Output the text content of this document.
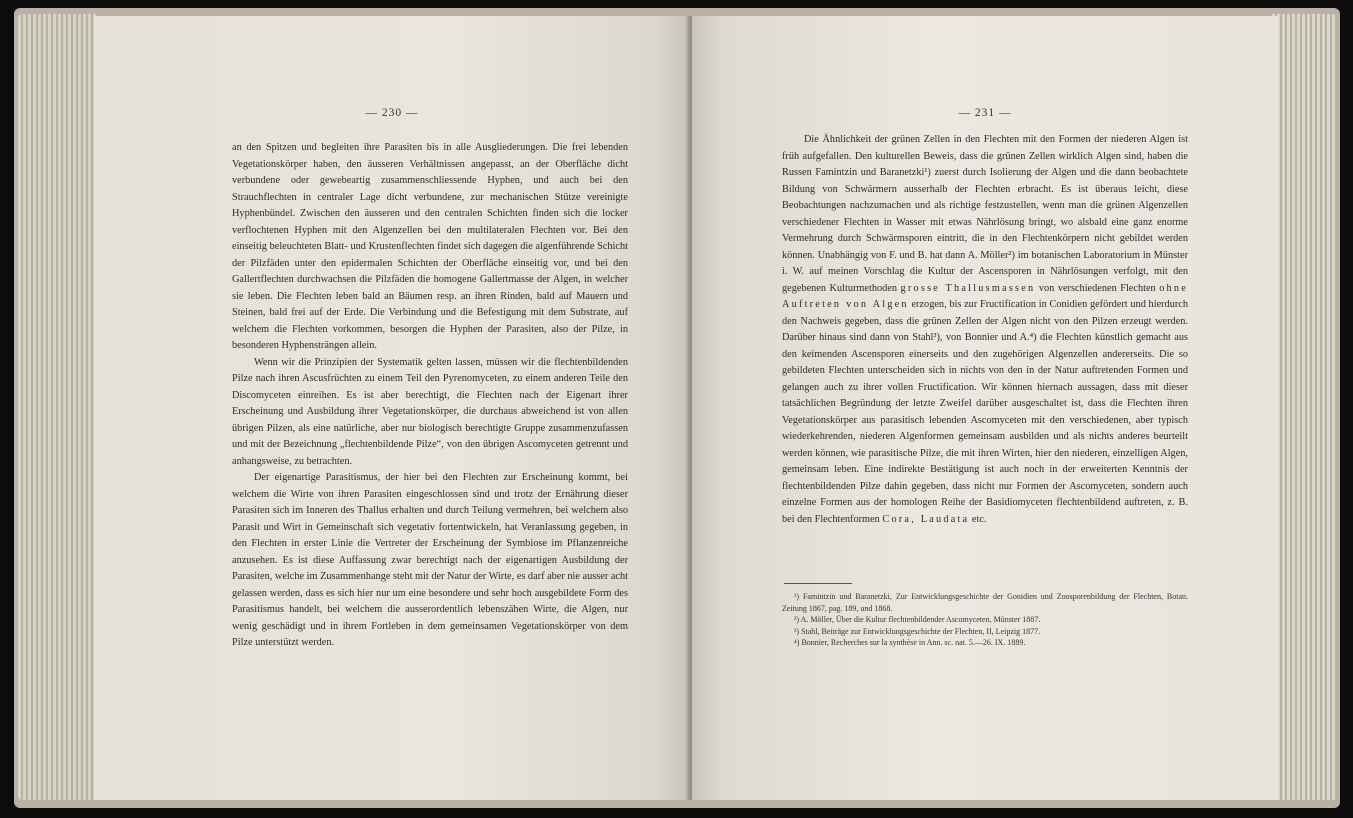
— 230 —

an den Spitzen und begleiten ihre Parasiten bis in alle Ausgliederungen. Die frei lebenden Vegetationskörper haben, den äusseren Verhältnissen angepasst, an der Oberfläche dicht verbundene oder gewebeartig zusammenschliessende Hyphen, und auch bei den Strauchflechten in centraler Lage dicht verbundene, zur mechanischen Stütze vereinigte Hyphenbündel. Zwischen den äusseren und den centralen Schichten finden sich die locker verflochtenen Hyphen mit den Algenzellen bei den multilateralen Flechten vor. Bei den einseitig beleuchteten Blatt- und Krustenflechten findet sich dagegen die algenführende Schicht der Pilzfäden unter den epidermalen Schichten der Oberfläche einseitig vor, und bei den Gallertflechten durchwachsen die Pilzfäden die homogene Gallertmasse der Algen, in welcher sie leben. Die Flechten leben bald an Bäumen resp. an ihren Rinden, bald auf Mauern und Steinen, bald frei auf der Erde. Die Verbindung und die Befestigung mit dem Substrate, auf welchem die Flechten vorkommen, besorgen die Hyphen der Parasiten, also der Pilze, in besonderen Hyphensträngen allein.

Wenn wir die Prinzipien der Systematik gelten lassen, müssen wir die flechtenbildenden Pilze nach ihren Ascusfrüchten zu einem Teil den Pyrenomyceten, zu einem anderen Teile den Discomyceten einreihen. Es ist aber berechtigt, die Flechten nach der Eigenart ihrer Erscheinung und Ausbildung ihrer Vegetationskörper, die durchaus abweichend ist von allen übrigen Pilzen, als eine natürliche, aber nur biologisch berechtigte Gruppe zusammenzufassen und mit der Bezeichnung „flechtenbildende Pilze“, von den übrigen Ascomyceten getrennt und anhangsweise, zu betrachten.

Der eigenartige Parasitismus, der hier bei den Flechten zur Erscheinung kommt, bei welchem die Wirte von ihren Parasiten eingeschlossen sind und trotz der Ernährung dieser Parasiten sich im Inneren des Thallus erhalten und durch Teilung vermehren, bei welchem also Parasit und Wirt in Gemeinschaft sich vegetativ fortentwickeln, hat Veranlassung gegeben, in den Flechten in erster Linie die Vertreter der Erscheinung der Symbiose im Pflanzenreiche anzusehen. Es ist diese Auffassung zwar berechtigt nach der eigenartigen Ausbildung der Parasiten, welche im Zusammenhange steht mit der Natur der Wirte, es darf aber nie ausser acht gelassen werden, dass es sich hier nur um eine besondere und sehr hoch ausgebildete Form des Parasitismus handelt, bei welchem die ausserordentlich lebenszähen Wirte, die Algen, nur wenig geschädigt und in ihrem Fortleben in dem gemeinsamen Vegetationskörper von dem Pilze unterstützt werden.

— 231 —

Die Ähnlichkeit der grünen Zellen in den Flechten mit den Formen der niederen Algen ist früh aufgefallen. Den kulturellen Beweis, dass die grünen Zellen wirklich Algen sind, haben die Russen Famintzin und Baranetzki¹) zuerst durch Isolierung der Algen und die dann beobachtete Bildung von Schwärmern ausserhalb der Flechten erbracht. Es ist überaus leicht, diese Beobachtungen nachzumachen und als richtige festzustellen, wenn man die grünen Algenzellen verschiedener Flechten in Wasser mit etwas Nährlösung bringt, wo alsbald eine ganz enorme Vermehrung durch Schwärmsporen eintritt, die in den Flechtenkörpern nicht gebildet werden können. Unabhängig von F. und B. hat dann A. Möller²) im botanischen Laboratorium in Münster i. W. auf meinen Vorschlag die Kultur der Ascensporen in Nährlösungen verfolgt, mit den gegebenen Kulturmethoden grosse Thallusmassen von verschiedenen Flechten ohne Auftreten von Algen erzogen, bis zur Fructification in Conidien gefördert und hierdurch den Nachweis gegeben, dass die grünen Zellen der Algen nicht von den Pilzen erzeugt werden. Darüber hinaus sind dann von Stahl³), von Bonnier und A.⁴) die Flechten künstlich gemacht aus den keimenden Ascensporen einerseits und den zugehörigen Algenzellen andererseits. Die so gebildeten Flechten unterscheiden sich in nichts von den in der Natur auftretenden Formen und gelangen auch zu ihrer vollen Fructification. Wir können hiernach aussagen, dass mit dieser tatsächlichen Begründung der letzte Zweifel darüber ausgeschaltet ist, dass die Flechten ihren Vegetationskörper aus parasitisch lebenden Ascomyceten mit den verschiedenen, aber typisch wiederkehrenden, niederen Algenformen gemeinsam ausbilden und als nichts anderes beurteilt werden können, wie parasitische Pilze, die mit ihren Wirten, hier den niederen, einzelligen Algen, gemeinsam leben. Eine indirekte Bestätigung ist auch noch in der erweiterten Kenntnis der flechtenbildenden Pilze dahin gegeben, dass nicht nur Formen der Ascomyceten, sondern auch einzelne Formen aus der homologen Reihe der Basidiomyceten flechtenbildend auftreten, z. B. bei den Flechtenformen Cora, Laudata etc.

¹) Famintzin und Baranetzki, Zur Entwicklungsgeschichte der Gonidien und Zoosporenbildung der Flechten, Botan. Zeitung 1867, pag. 189, und 1868.

²) A. Möller, Über die Kultur flechtenbildender Ascomyceten, Münster 1887.

³) Stahl, Beiträge zur Entwicklungsgeschichte der Flechten, II, Leipzig 1877.

⁴) Bonnier, Recherches sur la synthèse in Ann. sc. nat. 5.—26. IX. 1889.
